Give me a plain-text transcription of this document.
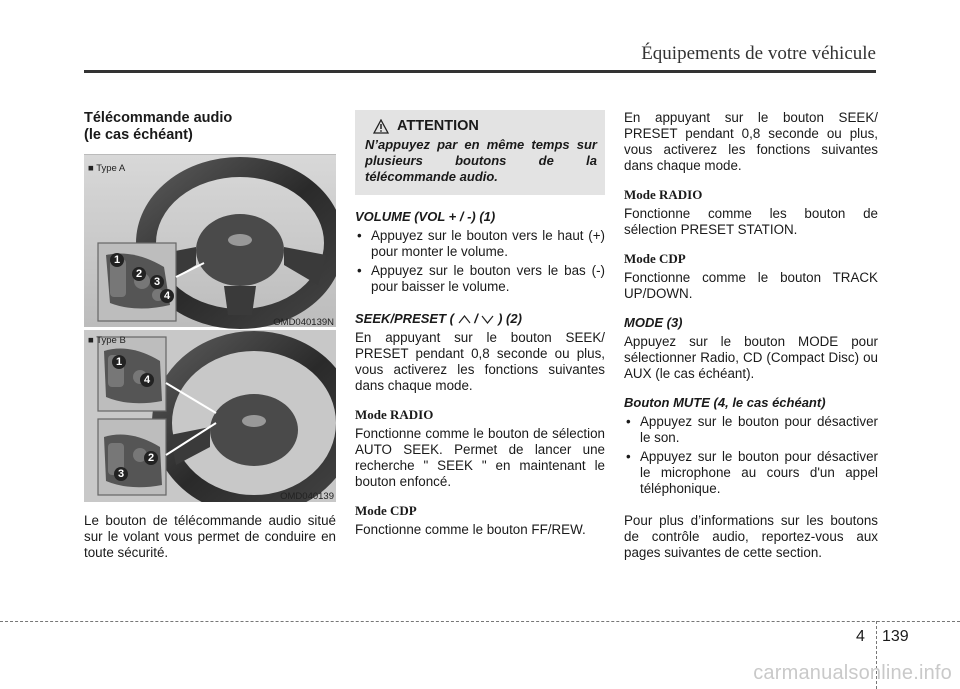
Équipements de votre véhicule
Télécommande audio
(le cas échéant)
■ Type A
1
2
3
4
OMD040139N
■ Type B
1
4
2
3
OMD040139

Le bouton de télécommande audio situé sur le volant vous permet de conduire en toute sécurité.

ATTENTION
N’appuyez par en même temps sur plusieurs boutons de la télécommande audio.
VOLUME (VOL + / -) (1)
• Appuyez sur le bouton vers le haut (+) pour monter le volume.
• Appuyez sur le bouton vers le bas (-) pour baisser le volume.
SEEK/PRESET ( / ) (2)

En appuyant sur le bouton SEEK/ PRESET pendant 0,8 seconde ou plus, vous activerez les fonctions suivantes dans chaque mode.

Mode RADIO

Fonctionne comme le bouton de sélection AUTO SEEK. Permet de lancer une recherche " SEEK " en maintenant le bouton enfoncé.

Mode CDP

Fonctionne comme le bouton FF/REW.

En appuyant sur le bouton SEEK/ PRESET pendant 0,8 seconde ou plus, vous activerez les fonctions suivantes dans chaque mode.

Mode RADIO

Fonctionne comme les bouton de sélection PRESET STATION.

Mode CDP

Fonctionne comme le bouton TRACK UP/DOWN.

MODE (3)

Appuyez sur le bouton MODE pour sélectionner Radio, CD (Compact Disc) ou AUX (le cas échéant).

Bouton MUTE (4, le cas échéant)
• Appuyez sur le bouton pour désactiver le son.
• Appuyez sur le bouton pour désactiver le microphone au cours d'un appel téléphonique.

Pour plus d’informations sur les boutons de contrôle audio, reportez-vous aux pages suivantes de cette section.

4 139
carmanualsonline.info
